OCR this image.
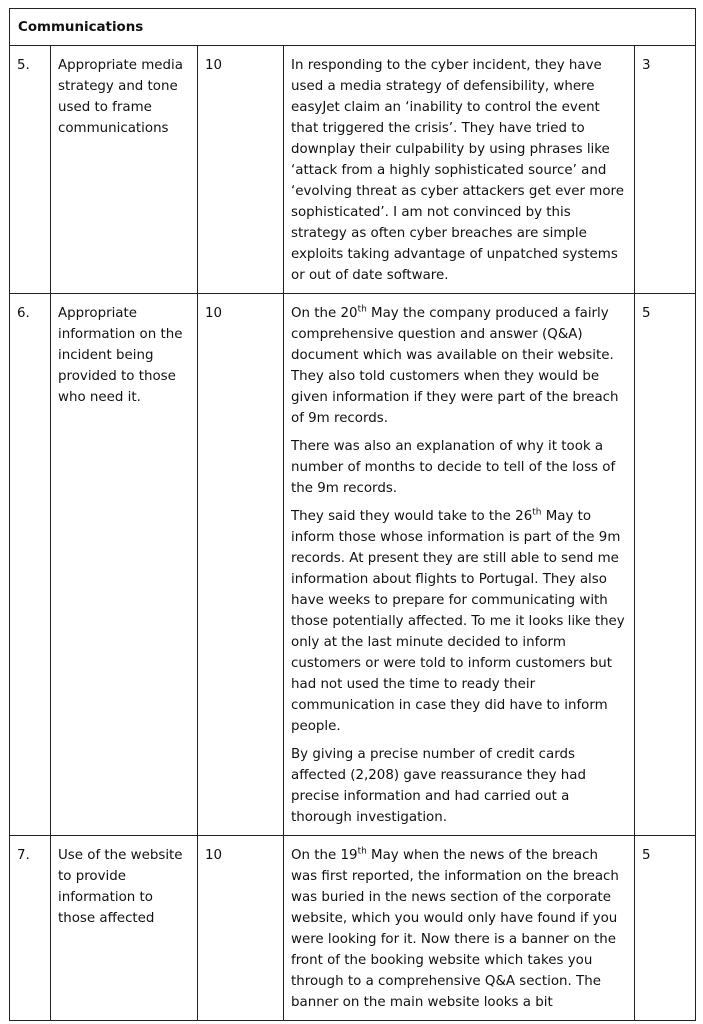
Communications				
5.	Appropriate media strategy and tone used to frame communications	10	In responding to the cyber incident, they have used a media strategy of defensibility, where easyJet claim an ‘inability to control the event that triggered the crisis’. They have tried to downplay their culpability by using phrases like ‘attack from a highly sophisticated source’ and ‘evolving threat as cyber attackers get ever more sophisticated’. I am not convinced by this strategy as often cyber breaches are simple exploits taking advantage of unpatched systems or out of date software.	3
6.	Appropriate information on the incident being provided to those who need it.	10	On the 20th May the company produced a fairly comprehensive question and answer (Q&A) document which was available on their website. They also told customers when they would be given information if they were part of the breach of 9m records.

There was also an explanation of why it took a number of months to decide to tell of the loss of the 9m records.

They said they would take to the 26th May to inform those whose information is part of the 9m records. At present they are still able to send me information about flights to Portugal. They also have weeks to prepare for communicating with those potentially affected. To me it looks like they only at the last minute decided to inform customers or were told to inform customers but had not used the time to ready their communication in case they did have to inform people.

By giving a precise number of credit cards affected (2,208) gave reassurance they had precise information and had carried out a thorough investigation.	5
7.	Use of the website to provide information to those affected	10	On the 19th May when the news of the breach was first reported, the information on the breach was buried in the news section of the corporate website, which you would only have found if you were looking for it. Now there is a banner on the front of the booking website which takes you through to a comprehensive Q&A section. The banner on the main website looks a bit	5
